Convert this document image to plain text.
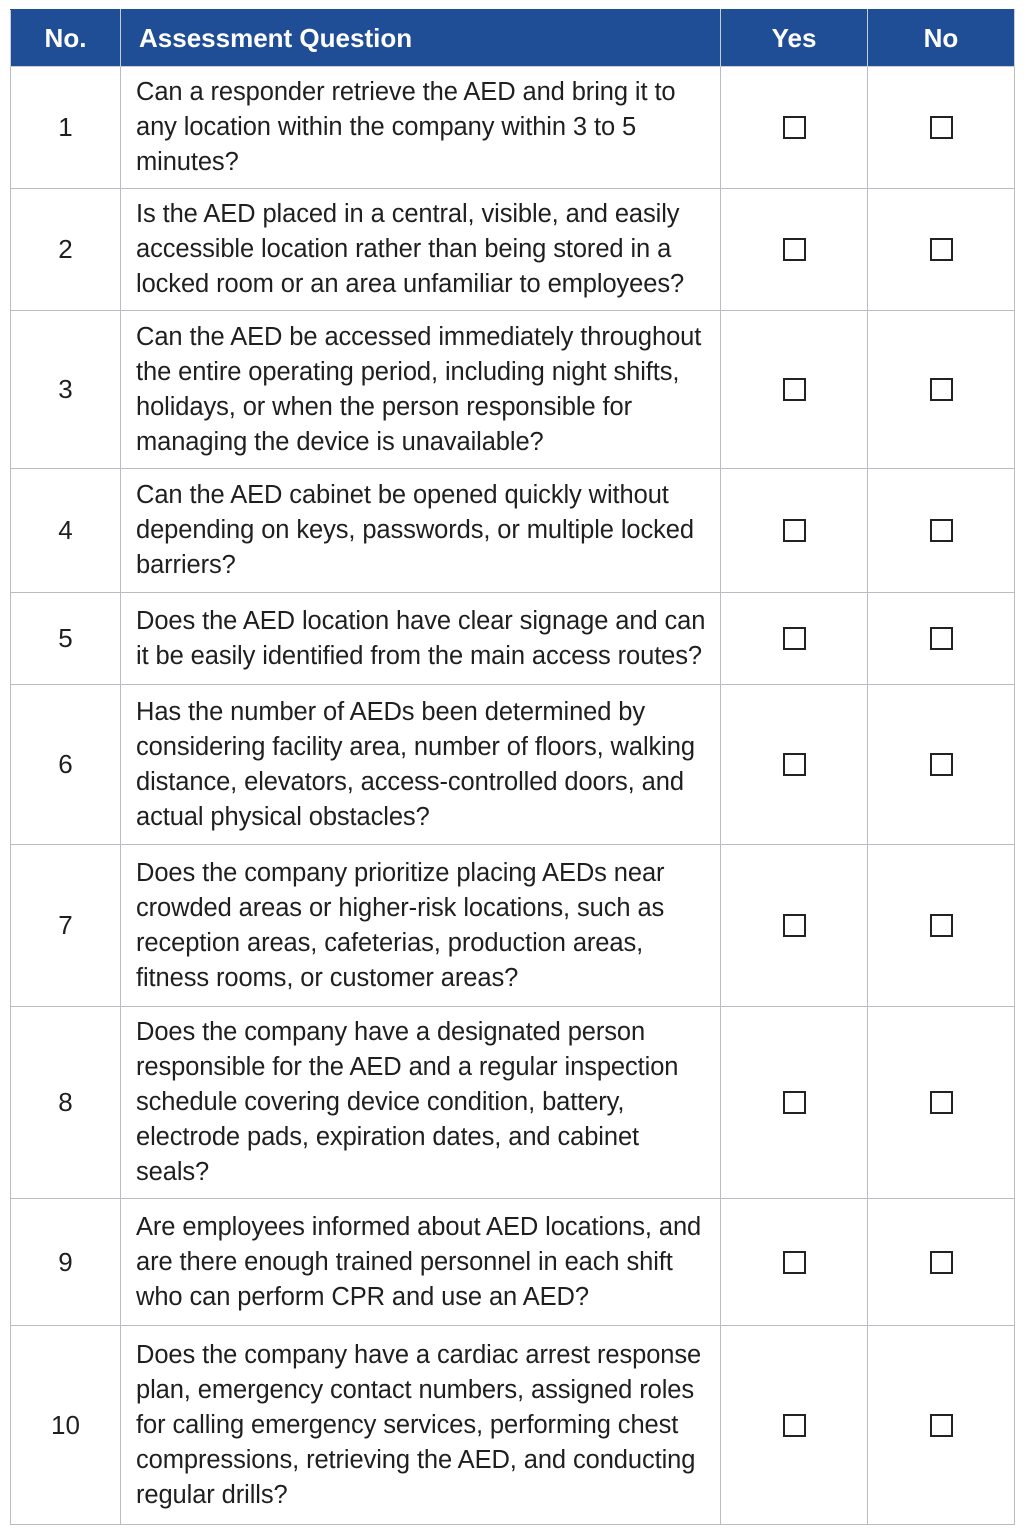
No.	Assessment Question	Yes	No
1	Can a responder retrieve the AED and bring it to any location within the company within 3 to 5 minutes?		
2	Is the AED placed in a central, visible, and easily accessible location rather than being stored in a locked room or an area unfamiliar to employees?		
3	Can the AED be accessed immediately throughout the entire operating period, including night shifts, holidays, or when the person responsible for managing the device is unavailable?		
4	Can the AED cabinet be opened quickly without depending on keys, passwords, or multiple locked barriers?		
5	Does the AED location have clear signage and can it be easily identified from the main access routes?		
6	Has the number of AEDs been determined by considering facility area, number of floors, walking distance, elevators, access-controlled doors, and actual physical obstacles?		
7	Does the company prioritize placing AEDs near crowded areas or higher-risk locations, such as reception areas, cafeterias, production areas, fitness rooms, or customer areas?		
8	Does the company have a designated person responsible for the AED and a regular inspection schedule covering device condition, battery, electrode pads, expiration dates, and cabinet seals?		
9	Are employees informed about AED locations, and are there enough trained personnel in each shift who can perform CPR and use an AED?		
10	Does the company have a cardiac arrest response plan, emergency contact numbers, assigned roles for calling emergency services, performing chest compressions, retrieving the AED, and conducting regular drills?		
